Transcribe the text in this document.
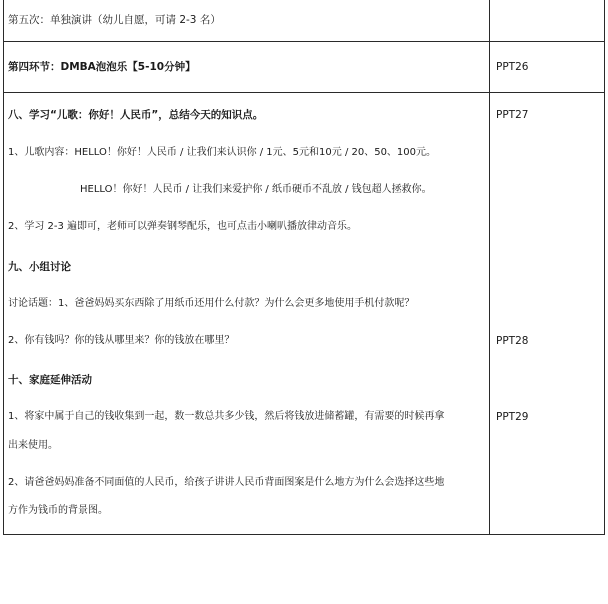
第五次：单独演讲（幼儿自愿，可请 2-3 名）
第四环节：DMBA泡泡乐【5-10分钟】	PPT26
八、学习“儿歌：你好！人民币”，总结今天的知识点。	PPT27
1、儿歌内容：HELLO！你好！人民币 / 让我们来认识你 / 1元、5元和10元 / 20、50、100元。
HELLO！你好！人民币 / 让我们来爱护你 / 纸币硬币不乱放 / 钱包超人拯救你。
2、学习 2-3 遍即可，老师可以弹奏钢琴配乐，也可点击小喇叭播放律动音乐。
九、小组讨论
讨论话题：1、爸爸妈妈买东西除了用纸币还用什么付款？为什么会更多地使用手机付款呢？
2、你有钱吗？你的钱从哪里来？你的钱放在哪里？	PPT28
十、家庭延伸活动
1、将家中属于自己的钱收集到一起，数一数总共多少钱，然后将钱放进储蓄罐，有需要的时候再拿	PPT29
出来使用。
2、请爸爸妈妈准备不同面值的人民币，给孩子讲讲人民币背面图案是什么地方为什么会选择这些地
方作为钱币的背景图。
